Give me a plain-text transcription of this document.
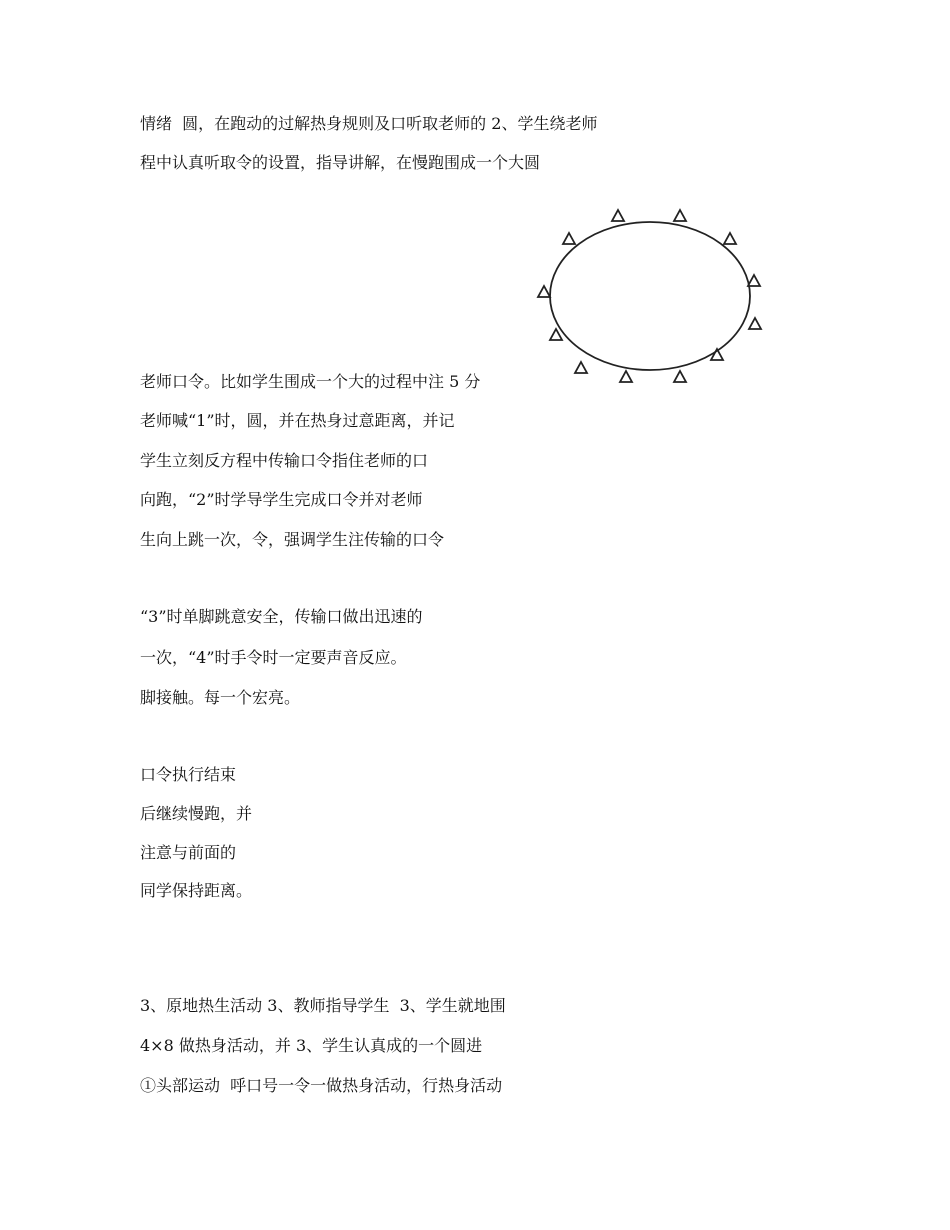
情绪  圆，在跑动的过解热身规则及口听取老师的 2、学生绕老师

程中认真听取令的设置，指导讲解，在慢跑围成一个大圆

老师口令。比如学生围成一个大的过程中注 5 分

老师喊“1”时，圆，并在热身过意距离，并记

学生立刻反方程中传输口令指住老师的口

向跑，“2”时学导学生完成口令并对老师

生向上跳一次，令，强调学生注传输的口令

“3”时单脚跳意安全，传输口做出迅速的

一次，“4”时手令时一定要声音反应。

脚接触。每一个宏亮。

口令执行结束

后继续慢跑，并

注意与前面的

同学保持距离。

3、原地热生活动 3、教师指导学生  3、学生就地围

4×8 做热身活动，并 3、学生认真成的一个圆进

①头部运动  呼口号一令一做热身活动，行热身活动
